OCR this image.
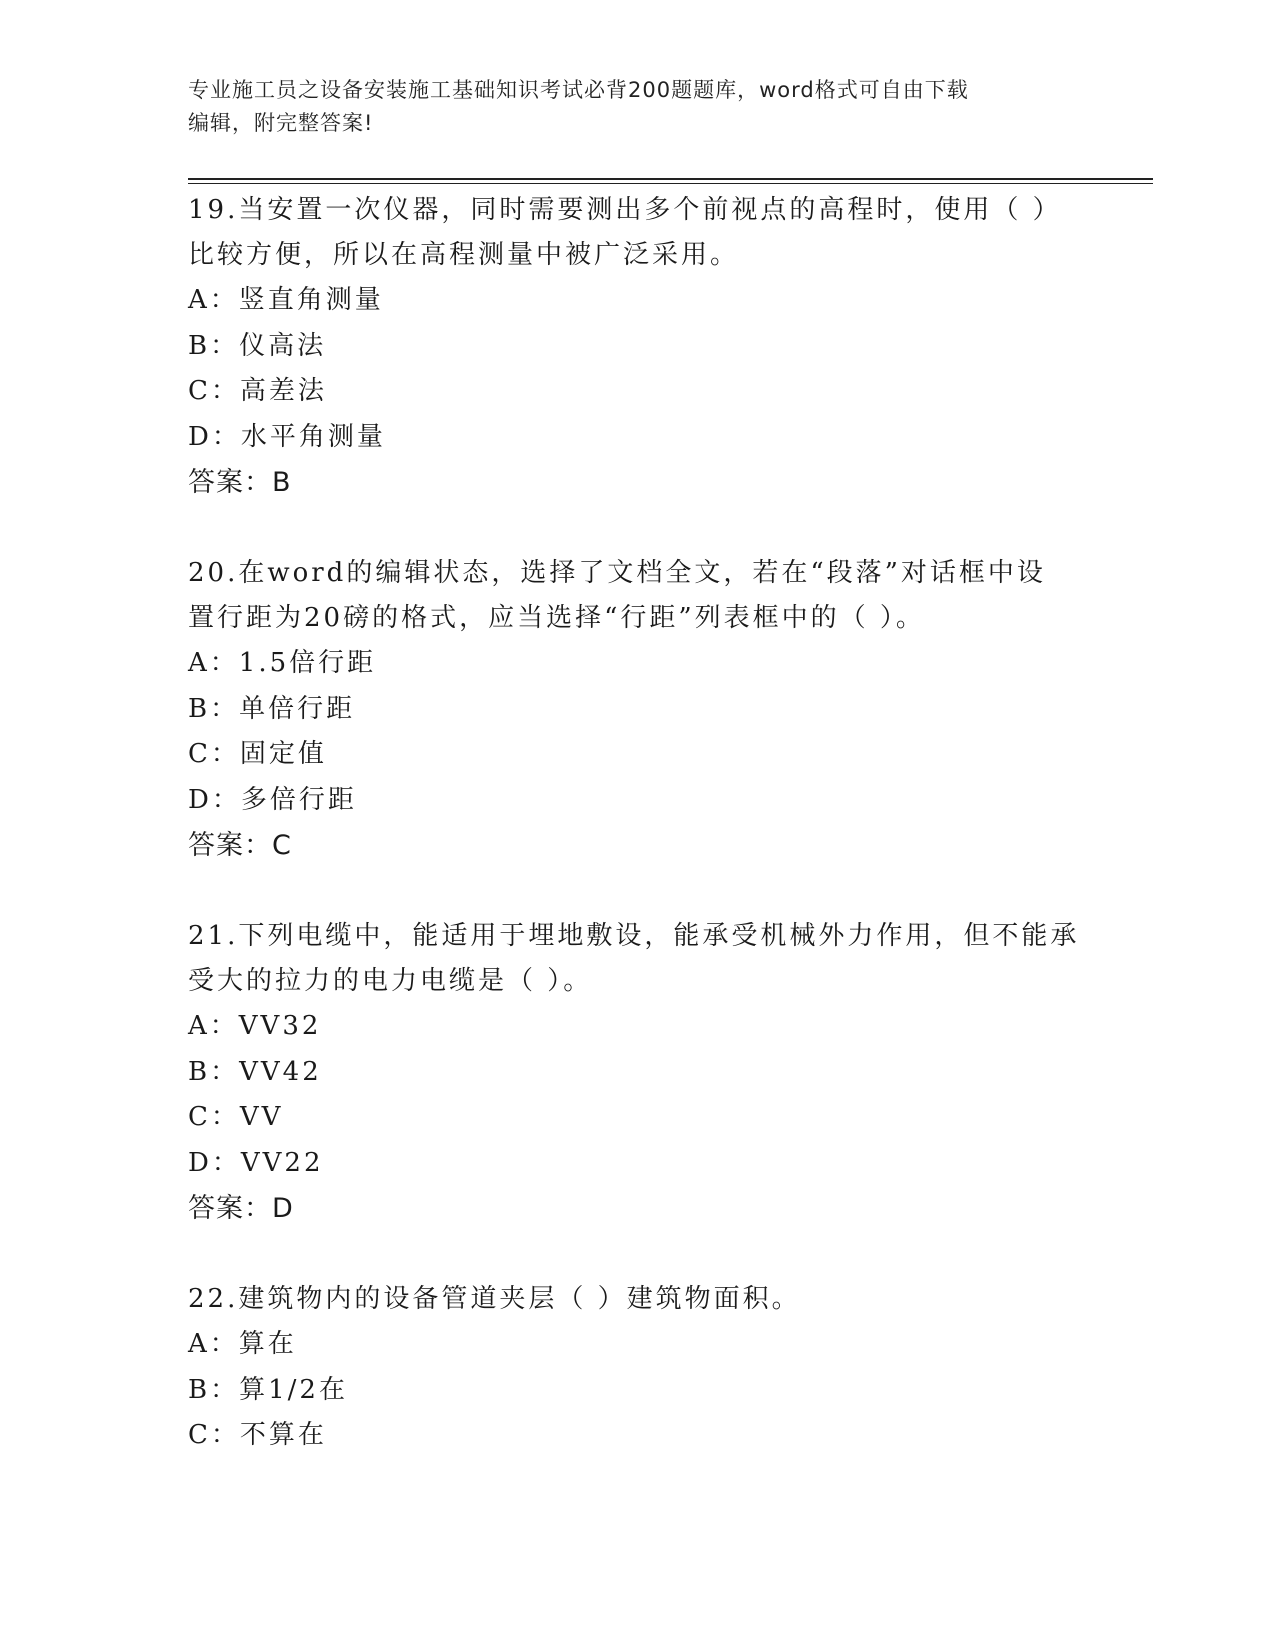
专业施工员之设备安装施工基础知识考试必背200题题库，word格式可自由下载
编辑，附完整答案!
19.当安置一次仪器，同时需要测出多个前视点的高程时，使用（ ）
比较方便，所以在高程测量中被广泛采用。
A：竖直角测量
B：仪高法
C：高差法
D：水平角测量
答案：B
20.在word的编辑状态，选择了文档全文，若在“段落”对话框中设
置行距为20磅的格式，应当选择“行距”列表框中的（ ）。
A：1.5倍行距
B：单倍行距
C：固定值
D：多倍行距
答案：C
21.下列电缆中，能适用于埋地敷设，能承受机械外力作用，但不能承
受大的拉力的电力电缆是（ ）。
A：VV32
B：VV42
C：VV
D：VV22
答案：D
22.建筑物内的设备管道夹层（ ）建筑物面积。
A：算在
B：算1/2在
C：不算在
